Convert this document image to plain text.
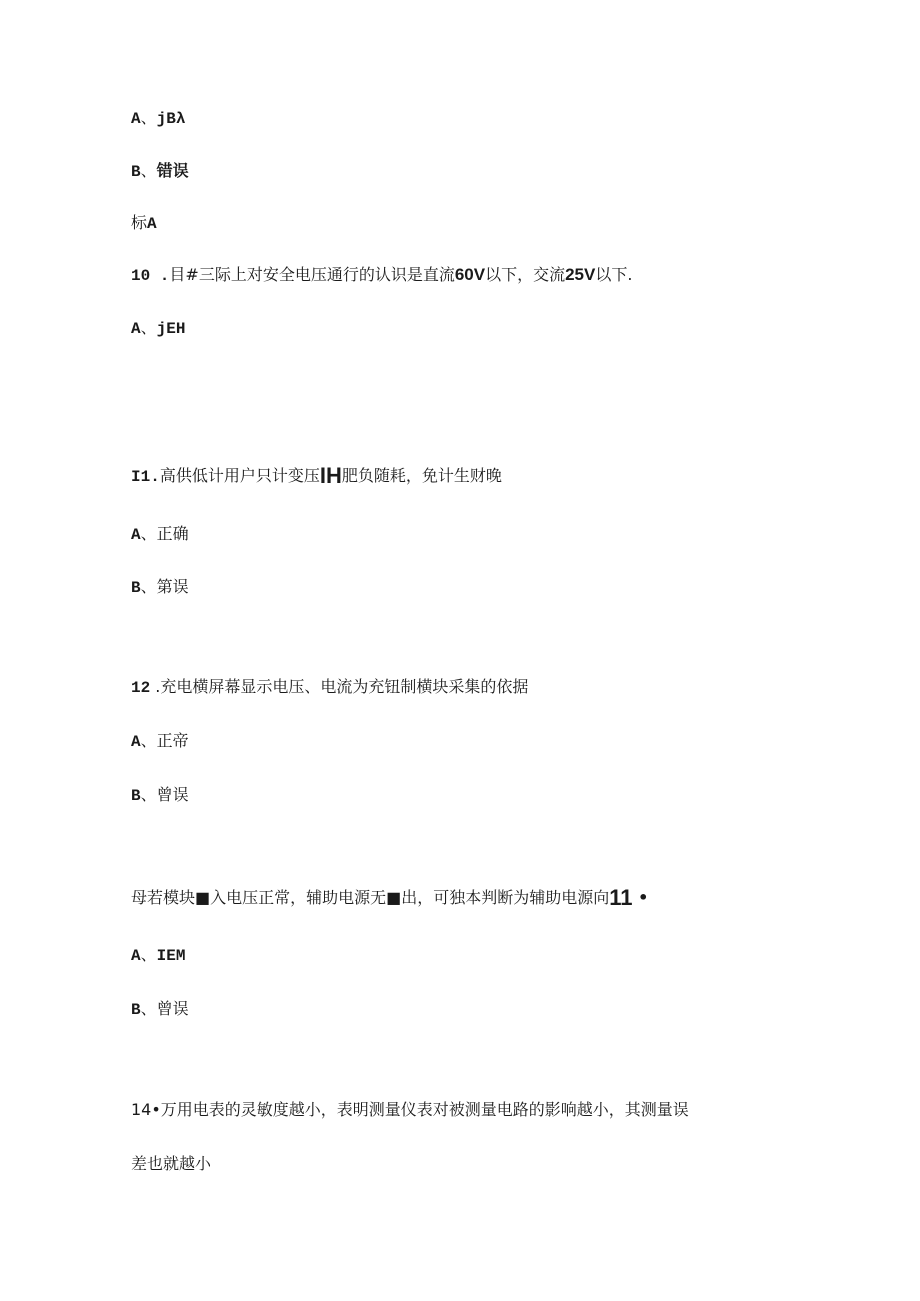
A、jBλ
B、错误
标A
10 .目#三际上对安全电压通行的认识是直流60V以下，交流25V以下.
A、jEH
I1.高供低计用户只计变压IH肥负随耗，免计生财晚
A、正确
B、第误
12 .充电横屏幕显示电压、电流为充钮制横块采集的依据
A、正帝
B、曾误
母若模块■入电压正常，辅助电源无■出，可独本判断为辅助电源向11 •
A、IEM
B、曾误
14•万用电表的灵敏度越小，表明测量仪表对被测量电路的影响越小，其测量误
差也就越小
